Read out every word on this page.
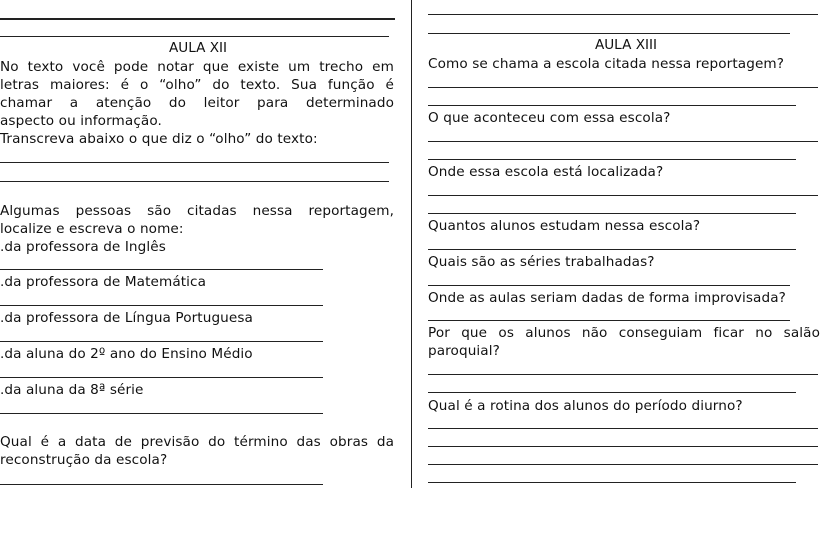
AULA XII
No texto você pode notar que existe um trecho em
letras maiores: é o “olho” do texto. Sua função é
chamar a atenção do leitor para determinado
aspecto ou informação.
Transcreva abaixo o que diz o “olho” do texto:
Algumas pessoas são citadas nessa reportagem,
localize e escreva o nome:
.da professora de Inglês
.da professora de Matemática
.da professora de Língua Portuguesa
.da aluna do 2º ano do Ensino Médio
.da aluna da 8ª série
Qual é a data de previsão do término das obras da
reconstrução da escola?
AULA XIII
Como se chama a escola citada nessa reportagem?
O que aconteceu com essa escola?
Onde essa escola está localizada?
Quantos alunos estudam nessa escola?
Quais são as séries trabalhadas?
Onde as aulas seriam dadas de forma improvisada?
Por que os alunos não conseguiam ficar no salão
paroquial?
Qual é a rotina dos alunos do período diurno?
